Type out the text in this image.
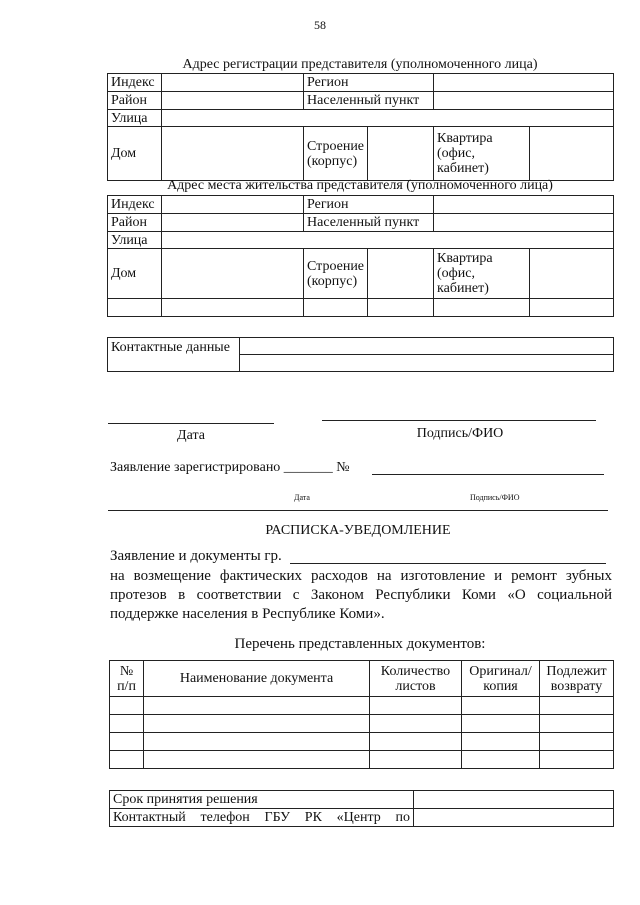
58
Адрес регистрации представителя (уполномоченного лица)
Индекс		Регион			
Район		Населенный пункт			
Улица					
Дом		Строение (корпус)		Квартира (офис, кабинет)	
Адрес места жительства представителя (уполномоченного лица)
Индекс		Регион			
Район		Населенный пункт			
Улица					
Дом		Строение (корпус)		Квартира (офис, кабинет)	

Контактные данные	

Дата	Подпись/ФИО
Заявление зарегистрировано _______ №
Дата	Подпись/ФИО
РАСПИСКА-УВЕДОМЛЕНИЕ
Заявление и документы гр.
на возмещение фактических расходов на изготовление и ремонт зубных протезов в соответствии с Законом Республики Коми «О социальной поддержке населения в Республике Коми».
Перечень представленных документов:
№ п/п	Наименование документа	Количество листов	Оригинал/ копия	Подлежит возврату

Срок принятия решения	
Контактный телефон ГБУ РК «Центр по	
